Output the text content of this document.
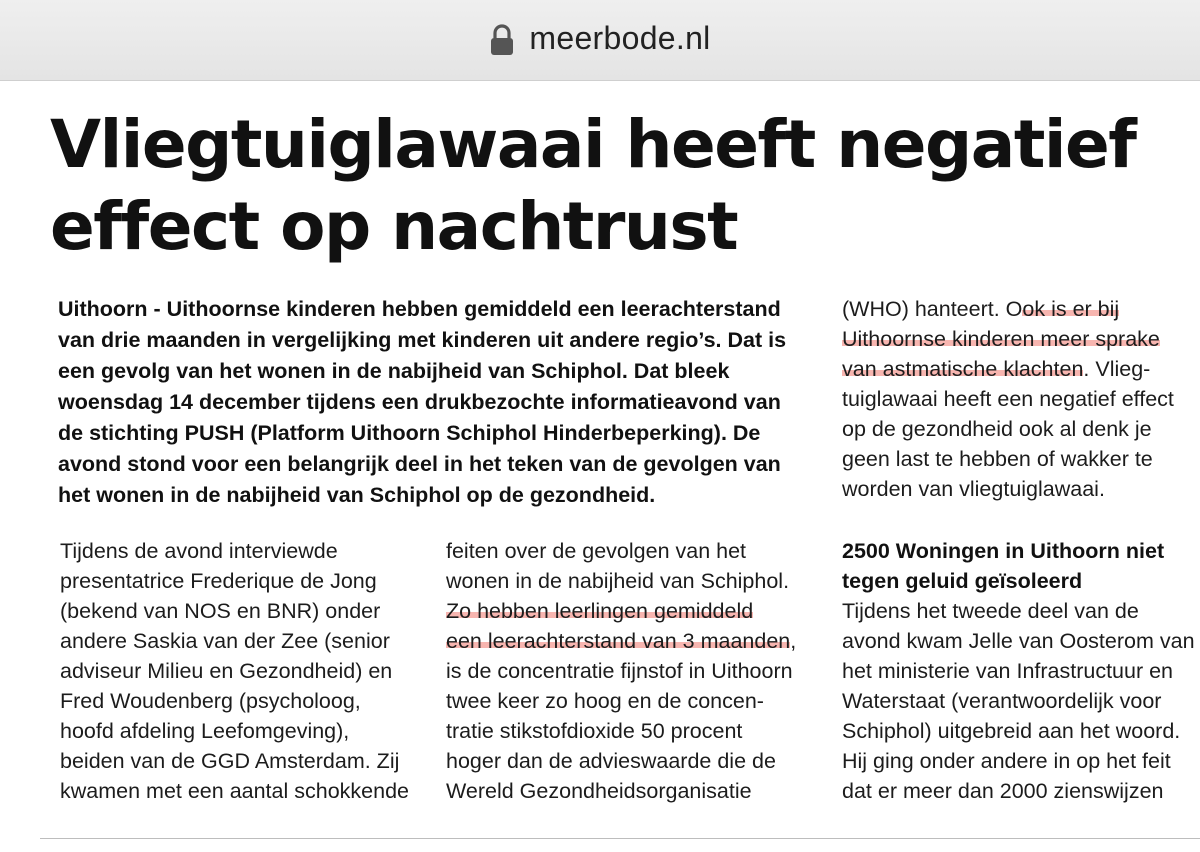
meerbode.nl
Vliegtuiglawaai heeft negatief
effect op nachtrust
Uithoorn - Uithoornse kinderen hebben gemiddeld een leerachterstand
van drie maanden in vergelijking met kinderen uit andere regio’s. Dat is
een gevolg van het wonen in de nabijheid van Schiphol. Dat bleek
woensdag 14 december tijdens een drukbezochte informatieavond van
de stichting PUSH (Platform Uithoorn Schiphol Hinderbeperking). De
avond stond voor een belangrijk deel in het teken van de gevolgen van
het wonen in de nabijheid van Schiphol op de gezondheid.
Tijdens de avond interviewde
presentatrice Frederique de Jong
(bekend van NOS en BNR) onder
andere Saskia van der Zee (senior
adviseur Milieu en Gezondheid) en
Fred Woudenberg (psycholoog,
hoofd afdeling Leefomgeving),
beiden van de GGD Amsterdam. Zij
kwamen met een aantal schokkende
feiten over de gevolgen van het
wonen in de nabijheid van Schiphol.
Zo hebben leerlingen gemiddeld
een leerachterstand van 3 maanden,
is de concentratie fijnstof in Uithoorn
twee keer zo hoog en de concen-
tratie stikstofdioxide 50 procent
hoger dan de advieswaarde die de
Wereld Gezondheidsorganisatie
(WHO) hanteert. Ook is er bij
Uithoornse kinderen meer sprake
van astmatische klachten. Vlieg-
tuiglawaai heeft een negatief effect
op de gezondheid ook al denk je
geen last te hebben of wakker te
worden van vliegtuiglawaai.
2500 Woningen in Uithoorn niet
tegen geluid geïsoleerd
Tijdens het tweede deel van de
avond kwam Jelle van Oosterom van
het ministerie van Infrastructuur en
Waterstaat (verantwoordelijk voor
Schiphol) uitgebreid aan het woord.
Hij ging onder andere in op het feit
dat er meer dan 2000 zienswijzen
